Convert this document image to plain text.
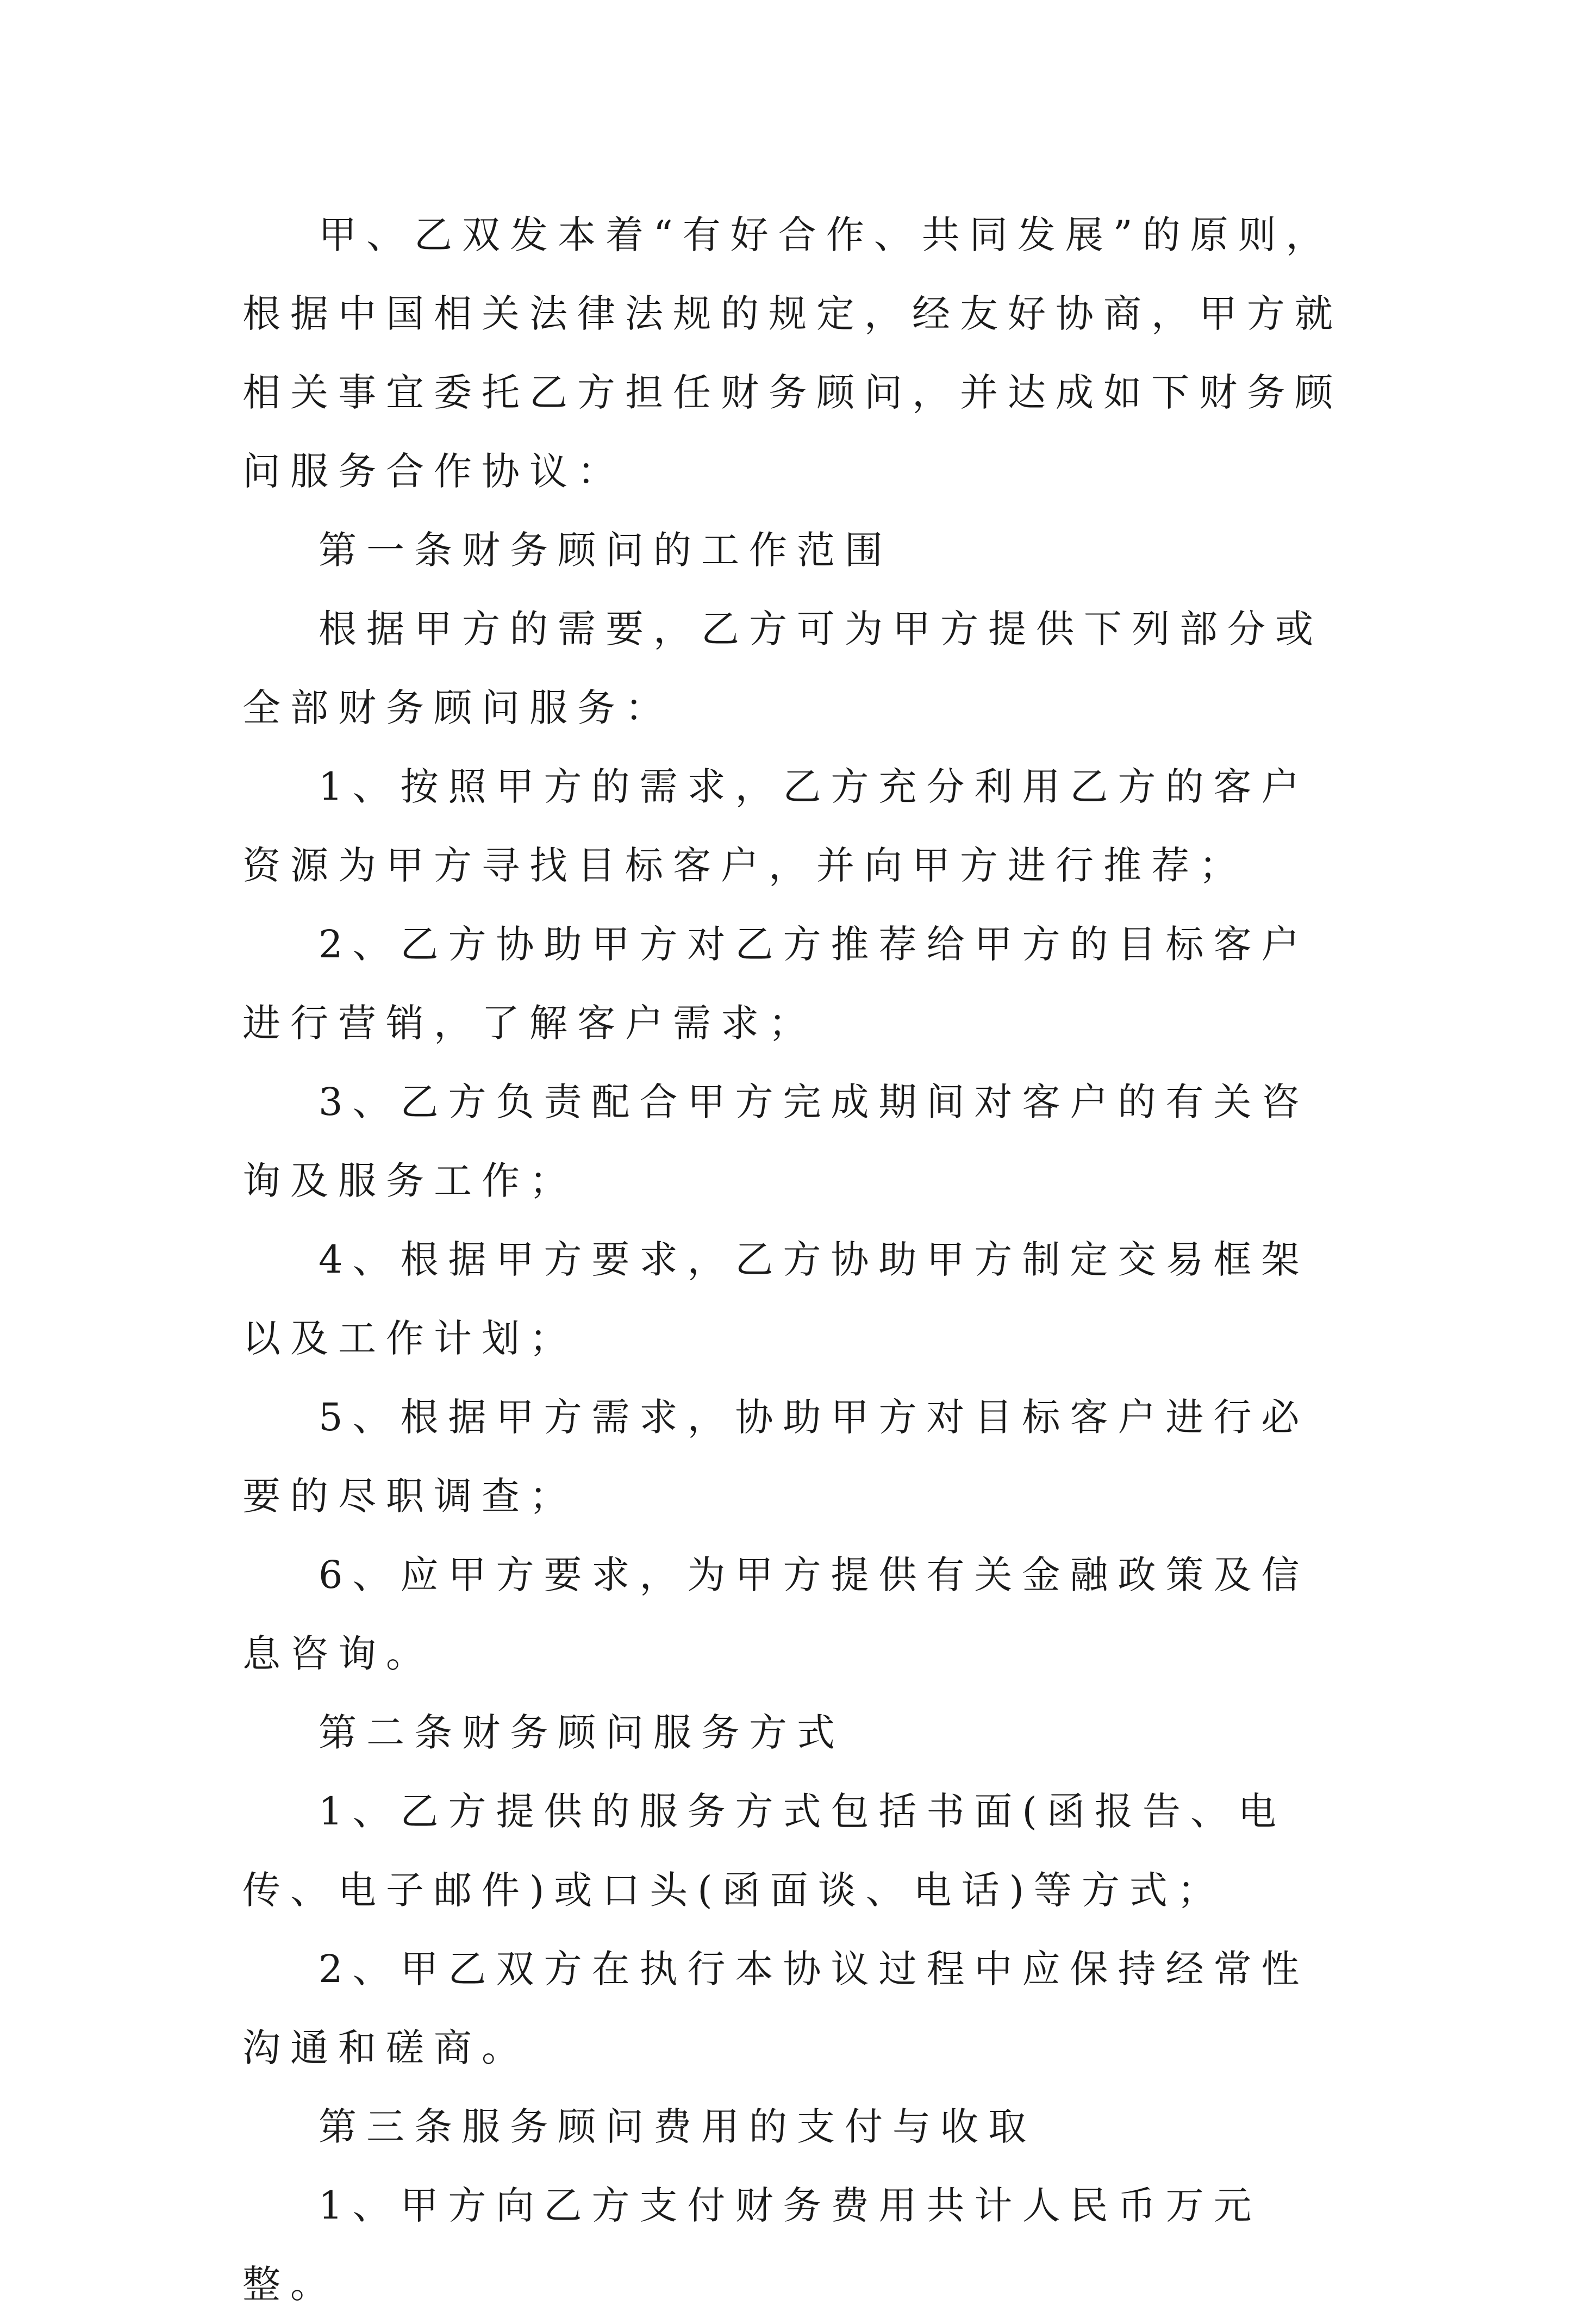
甲、乙双发本着“有好合作、共同发展”的原则，根据中国相关法律法规的规定，经友好协商，甲方就相关事宜委托乙方担任财务顾问，并达成如下财务顾问服务合作协议：

第一条财务顾问的工作范围

根据甲方的需要，乙方可为甲方提供下列部分或全部财务顾问服务：

1、按照甲方的需求，乙方充分利用乙方的客户资源为甲方寻找目标客户，并向甲方进行推荐；

2、乙方协助甲方对乙方推荐给甲方的目标客户进行营销，了解客户需求；

3、乙方负责配合甲方完成期间对客户的有关咨询及服务工作；

4、根据甲方要求，乙方协助甲方制定交易框架以及工作计划；

5、根据甲方需求，协助甲方对目标客户进行必要的尽职调查；

6、应甲方要求，为甲方提供有关金融政策及信息咨询。

第二条财务顾问服务方式

1、乙方提供的服务方式包括书面(函报告、电传、电子邮件)或口头(函面谈、电话)等方式；

2、甲乙双方在执行本协议过程中应保持经常性沟通和磋商。

第三条服务顾问费用的支付与收取

1、甲方向乙方支付财务费用共计人民币万元整。
